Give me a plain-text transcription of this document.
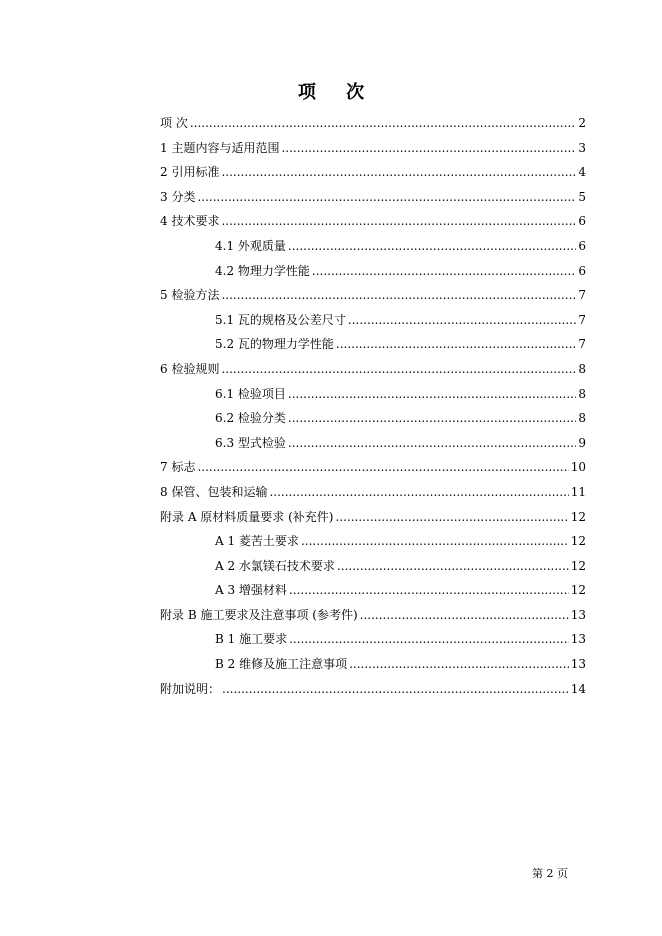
项 次
项 次 .....	2
1 主题内容与适用范围 .....	3
2 引用标准 .....	4
3 分类 .....	5
4 技术要求 .....	6
4.1 外观质量 .....	6
4.2 物理力学性能 .....	6
5 检验方法 .....	7
5.1 瓦的规格及公差尺寸 .....	7
5.2 瓦的物理力学性能 .....	7
6 检验规则 .....	8
6.1 检验项目 .....	8
6.2 检验分类 .....	8
6.3 型式检验 .....	9
7 标志 .....	10
8 保管、包装和运输 .....	11
附录 A 原材料质量要求 (补充件) .....	12
A 1 菱苦土要求 .....	12
A 2 水氯镁石技术要求 .....	12
A 3 增强材料 .....	12
附录 B 施工要求及注意事项 (参考件) .....	13
B 1 施工要求 .....	13
B 2 维修及施工注意事项 .....	13
附加说明： .....	14
第 2 页
